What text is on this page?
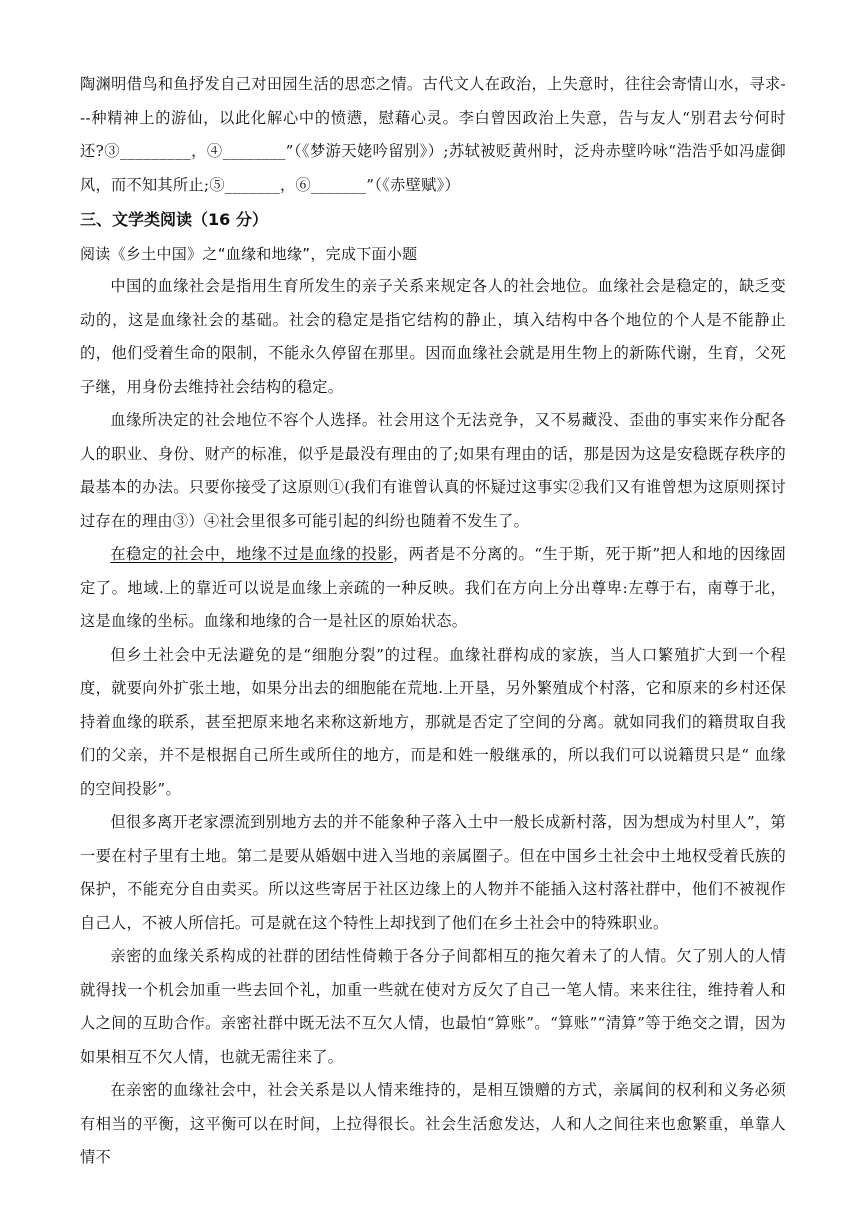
陶渊明借鸟和鱼抒发自己对田园生活的思恋之情。古代文人在政治，上失意时，往往会寄情山水，寻求---种精神上的游仙，以此化解心中的愤懑，慰藉心灵。李白曾因政治上失意，告与友人“别君去兮何时还?③_________，④________”（《梦游天姥吟留别》）;苏轼被贬黄州时，泛舟赤壁吟咏“浩浩乎如冯虚御风，而不知其所止;⑤_______，⑥_______”（《赤壁赋》）

三、文学类阅读（16 分）

阅读《乡土中国》之“血缘和地缘”，完成下面小题

中国的血缘社会是指用生育所发生的亲子关系来规定各人的社会地位。血缘社会是稳定的，缺乏变动的，这是血缘社会的基础。社会的稳定是指它结构的静止，填入结构中各个地位的个人是不能静止的，他们受着生命的限制，不能永久停留在那里。因而血缘社会就是用生物上的新陈代谢，生育，父死子继，用身份去维持社会结构的稳定。

血缘所决定的社会地位不容个人选择。社会用这个无法竞争，又不易藏没、歪曲的事实来作分配各人的职业、身份、财产的标准，似乎是最没有理由的了;如果有理由的话，那是因为这是安稳既存秩序的最基本的办法。只要你接受了这原则①(我们有谁曾认真的怀疑过这事实②我们又有谁曾想为这原则探讨过存在的理由③）④社会里很多可能引起的纠纷也随着不发生了。

在稳定的社会中，地缘不过是血缘的投影，两者是不分离的。“生于斯，死于斯”把人和地的因缘固定了。地域.上的靠近可以说是血缘上亲疏的一种反映。我们在方向上分出尊卑:左尊于右，南尊于北，这是血缘的坐标。血缘和地缘的合一是社区的原始状态。

但乡土社会中无法避免的是“细胞分裂”的过程。血缘社群构成的家族，当人口繁殖扩大到一个程度，就要向外扩张土地，如果分出去的细胞能在荒地.上开垦，另外繁殖成个村落，它和原来的乡村还保持着血缘的联系，甚至把原来地名来称这新地方，那就是否定了空间的分离。就如同我们的籍贯取自我们的父亲，并不是根据自己所生或所住的地方，而是和姓一般继承的，所以我们可以说籍贯只是“ 血缘的空间投影”。

但很多离开老家漂流到别地方去的并不能象种子落入土中一般长成新村落，因为想成为村里人”，第一要在村子里有土地。第二是要从婚姻中进入当地的亲属圈子。但在中国乡土社会中土地权受着氏族的保护，不能充分自由卖买。所以这些寄居于社区边缘上的人物并不能插入这村落社群中，他们不被视作自己人，不被人所信托。可是就在这个特性上却找到了他们在乡土社会中的特殊职业。

亲密的血缘关系构成的社群的团结性倚赖于各分子间都相互的拖欠着未了的人情。欠了别人的人情就得找一个机会加重一些去回个礼，加重一些就在使对方反欠了自己一笔人情。来来往往，维持着人和人之间的互助合作。亲密社群中既无法不互欠人情，也最怕“算账”。“算账”“清算”等于绝交之谓，因为如果相互不欠人情，也就无需往来了。

在亲密的血缘社会中，社会关系是以人情来维持的，是相互馈赠的方式，亲属间的权利和义务必须有相当的平衡，这平衡可以在时间，上拉得很长。社会生活愈发达，人和人之间往来也愈繁重，单靠人情不
